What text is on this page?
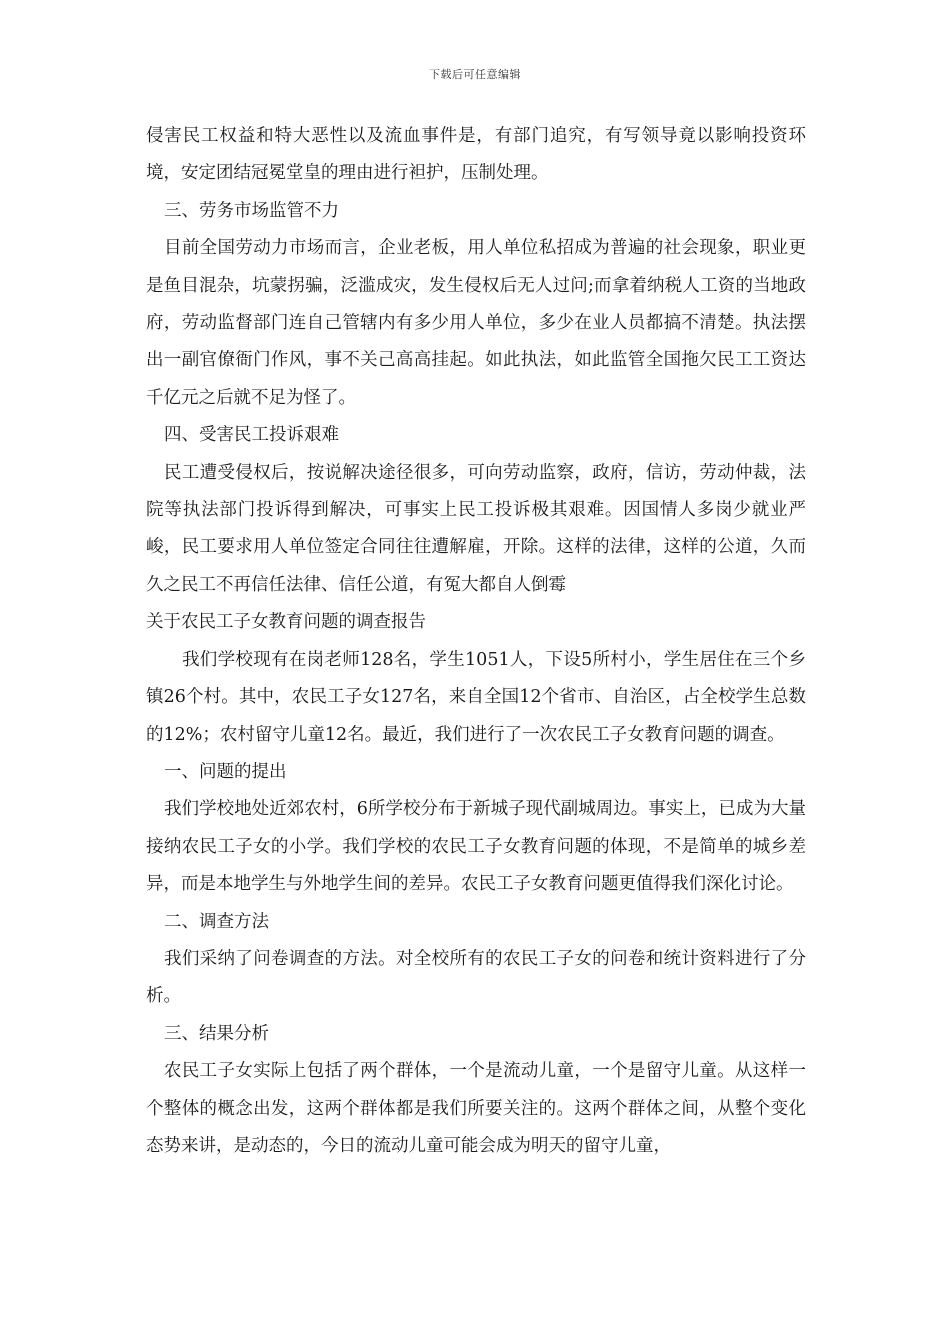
下载后可任意编辑

侵害民工权益和特大恶性以及流血事件是，有部门追究，有写领导竟以影响投资环境，安定团结冠冕堂皇的理由进行袒护，压制处理。

三、劳务市场监管不力

目前全国劳动力市场而言，企业老板，用人单位私招成为普遍的社会现象，职业更是鱼目混杂，坑蒙拐骗，泛滥成灾，发生侵权后无人过问;而拿着纳税人工资的当地政府，劳动监督部门连自己管辖内有多少用人单位，多少在业人员都搞不清楚。执法摆出一副官僚衙门作风，事不关己高高挂起。如此执法，如此监管全国拖欠民工工资达千亿元之后就不足为怪了。

四、受害民工投诉艰难

民工遭受侵权后，按说解决途径很多，可向劳动监察，政府，信访，劳动仲裁，法院等执法部门投诉得到解决，可事实上民工投诉极其艰难。因国情人多岗少就业严峻，民工要求用人单位签定合同往往遭解雇，开除。这样的法律，这样的公道，久而久之民工不再信任法律、信任公道，有冤大都自人倒霉

关于农民工子女教育问题的调查报告

我们学校现有在岗老师128名，学生1051人，下设5所村小，学生居住在三个乡镇26个村。其中，农民工子女127名，来自全国12个省市、自治区，占全校学生总数的12%；农村留守儿童12名。最近，我们进行了一次农民工子女教育问题的调查。

一、问题的提出

我们学校地处近郊农村，6所学校分布于新城子现代副城周边。事实上，已成为大量接纳农民工子女的小学。我们学校的农民工子女教育问题的体现，不是简单的城乡差异，而是本地学生与外地学生间的差异。农民工子女教育问题更值得我们深化讨论。

二、调查方法

我们采纳了问卷调查的方法。对全校所有的农民工子女的问卷和统计资料进行了分析。

三、结果分析

农民工子女实际上包括了两个群体，一个是流动儿童，一个是留守儿童。从这样一个整体的概念出发，这两个群体都是我们所要关注的。这两个群体之间，从整个变化态势来讲，是动态的，今日的流动儿童可能会成为明天的留守儿童，
